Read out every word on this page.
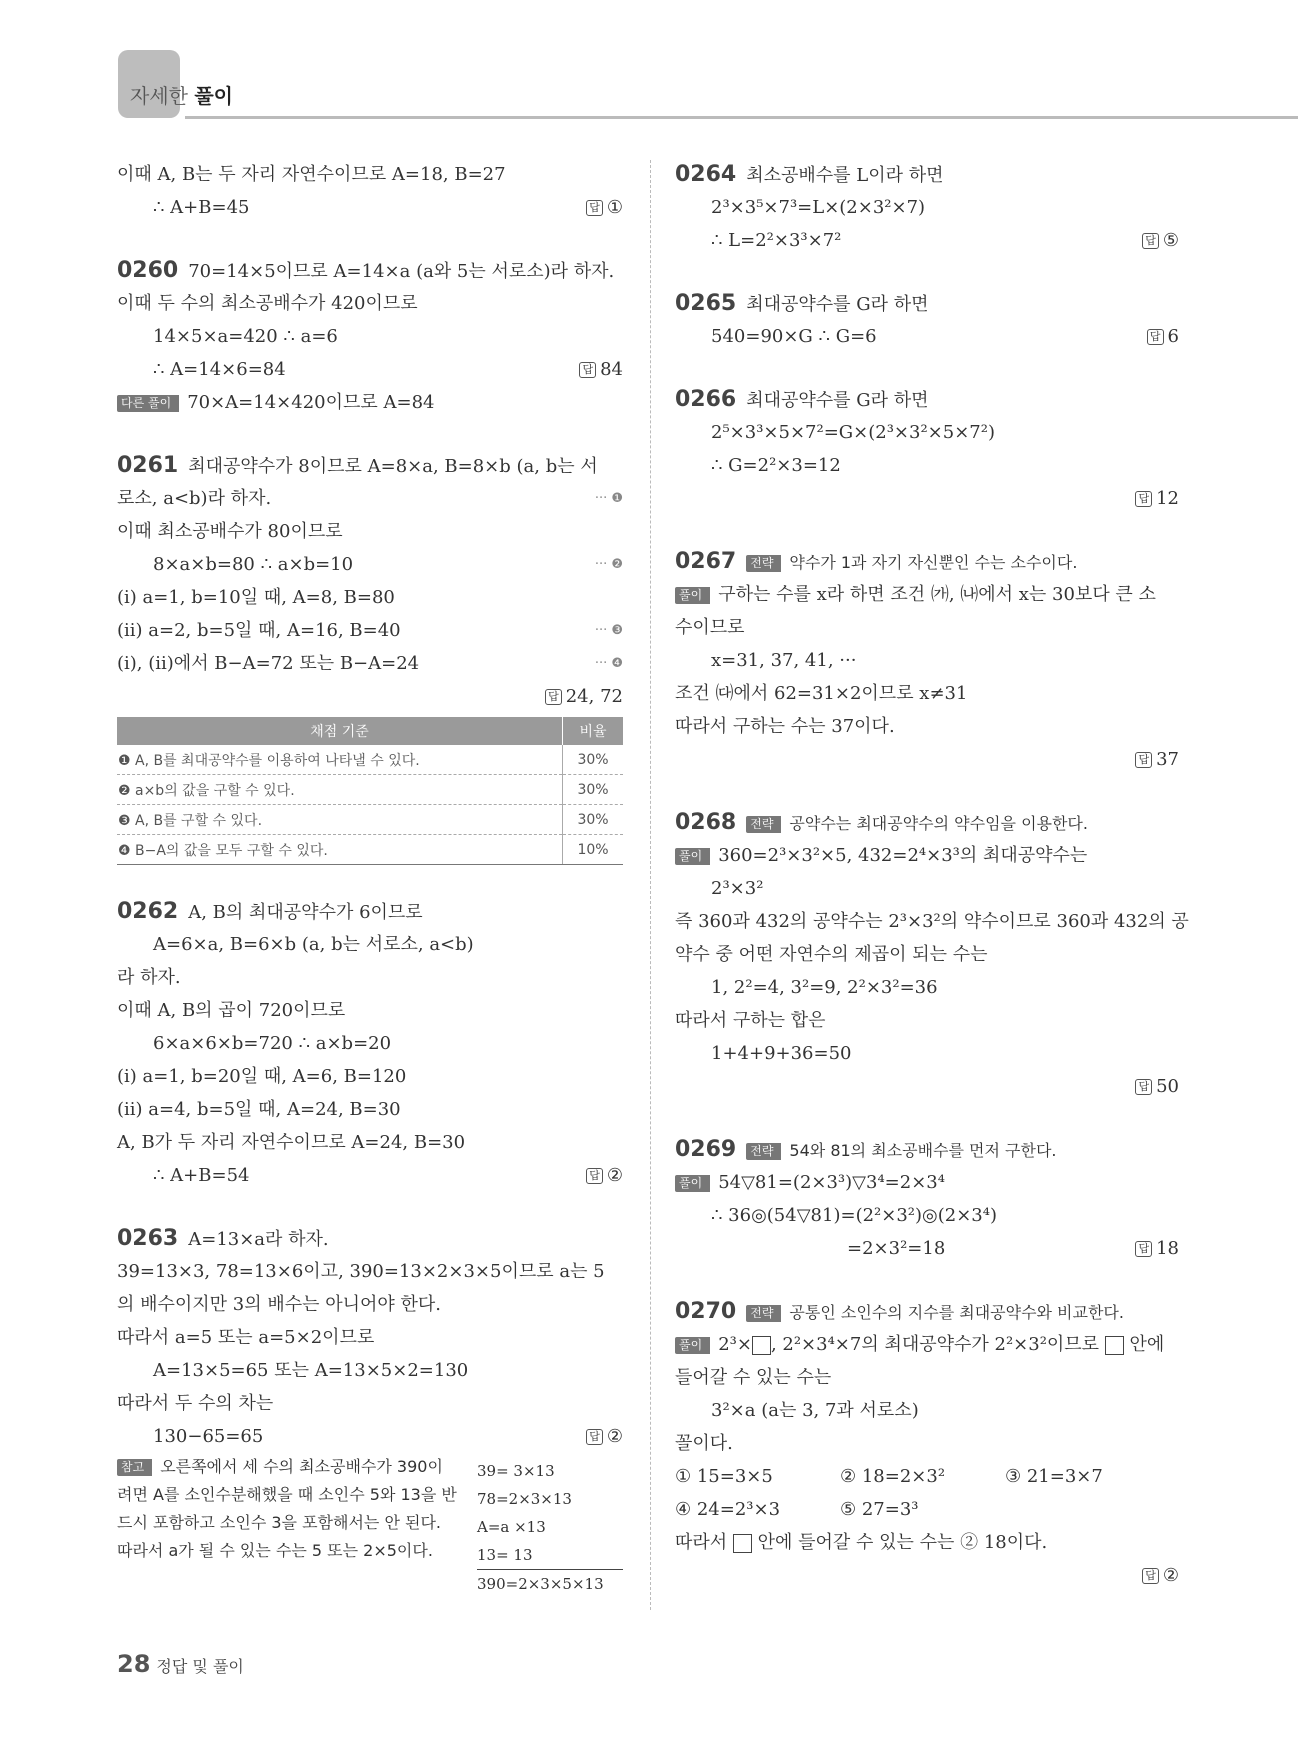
자세한 풀이
이때 A, B는 두 자리 자연수이므로 A=18, B=27
∴ A+B=45	답 ①
0260 70=14×5이므로 A=14×a (a와 5는 서로소)라 하자.
이때 두 수의 최소공배수가 420이므로
14×5×a=420 ∴ a=6
∴ A=14×6=84	답 84
다른 풀이 70×A=14×420이므로 A=84
0261 최대공약수가 8이므로 A=8×a, B=8×b (a, b는 서
로소, a<b)라 하자.	··· ❶
이때 최소공배수가 80이므로
8×a×b=80 ∴ a×b=10	··· ❷
(ⅰ) a=1, b=10일 때, A=8, B=80
(ⅱ) a=2, b=5일 때, A=16, B=40	··· ❸
(ⅰ), (ⅱ)에서 B−A=72 또는 B−A=24	··· ❹
답 24, 72
채점 기준	비율
❶ A, B를 최대공약수를 이용하여 나타낼 수 있다.	30%
❷ a×b의 값을 구할 수 있다.	30%
❸ A, B를 구할 수 있다.	30%
❹ B−A의 값을 모두 구할 수 있다.	10%
0262 A, B의 최대공약수가 6이므로
A=6×a, B=6×b (a, b는 서로소, a<b)
라 하자.
이때 A, B의 곱이 720이므로
6×a×6×b=720 ∴ a×b=20
(ⅰ) a=1, b=20일 때, A=6, B=120
(ⅱ) a=4, b=5일 때, A=24, B=30
A, B가 두 자리 자연수이므로 A=24, B=30
∴ A+B=54	답 ②
0263 A=13×a라 하자.
39=13×3, 78=13×6이고, 390=13×2×3×5이므로 a는 5
의 배수이지만 3의 배수는 아니어야 한다.
따라서 a=5 또는 a=5×2이므로
A=13×5=65 또는 A=13×5×2=130
따라서 두 수의 차는
130−65=65	답 ②
참고 오른쪽에서 세 수의 최소공배수가 390이려면 A를 소인수분해했을 때 소인수 5와 13을 반드시 포함하고 소인수 3을 포함해서는 안 된다. 따라서 a가 될 수 있는 수는 5 또는 2×5이다.
39= 3×13
78=2×3×13
A=a ×13
13= 13
390=2×3×5×13
0264 최소공배수를 L이라 하면
2³×3⁵×7³=L×(2×3²×7)
∴ L=2²×3³×7²	답 ⑤
0265 최대공약수를 G라 하면
540=90×G ∴ G=6	답 6
0266 최대공약수를 G라 하면
2⁵×3³×5×7²=G×(2³×3²×5×7²)
∴ G=2²×3=12
답 12
0267 전략 약수가 1과 자기 자신뿐인 수는 소수이다.
풀이 구하는 수를 x라 하면 조건 ㈎, ㈏에서 x는 30보다 큰 소
수이므로
x=31, 37, 41, ···
조건 ㈐에서 62=31×2이므로 x≠31
따라서 구하는 수는 37이다.
답 37
0268 전략 공약수는 최대공약수의 약수임을 이용한다.
풀이 360=2³×3²×5, 432=2⁴×3³의 최대공약수는
2³×3²
즉 360과 432의 공약수는 2³×3²의 약수이므로 360과 432의 공
약수 중 어떤 자연수의 제곱이 되는 수는
1, 2²=4, 3²=9, 2²×3²=36
따라서 구하는 합은
1+4+9+36=50
답 50
0269 전략 54와 81의 최소공배수를 먼저 구한다.
풀이 54▽81=(2×3³)▽3⁴=2×3⁴
∴ 36◎(54▽81)=(2²×3²)◎(2×3⁴)
=2×3²=18	답 18
0270 전략 공통인 소인수의 지수를 최대공약수와 비교한다.
풀이 2³× , 2²×3⁴×7의 최대공약수가 2²×3²이므로 안에
들어갈 수 있는 수는
3²×a (a는 3, 7과 서로소)
꼴이다.
① 15=3×5	② 18=2×3²	③ 21=3×7
④ 24=2³×3	⑤ 27=3³
따라서 안에 들어갈 수 있는 수는 ② 18이다.
답 ②
28 정답 및 풀이
